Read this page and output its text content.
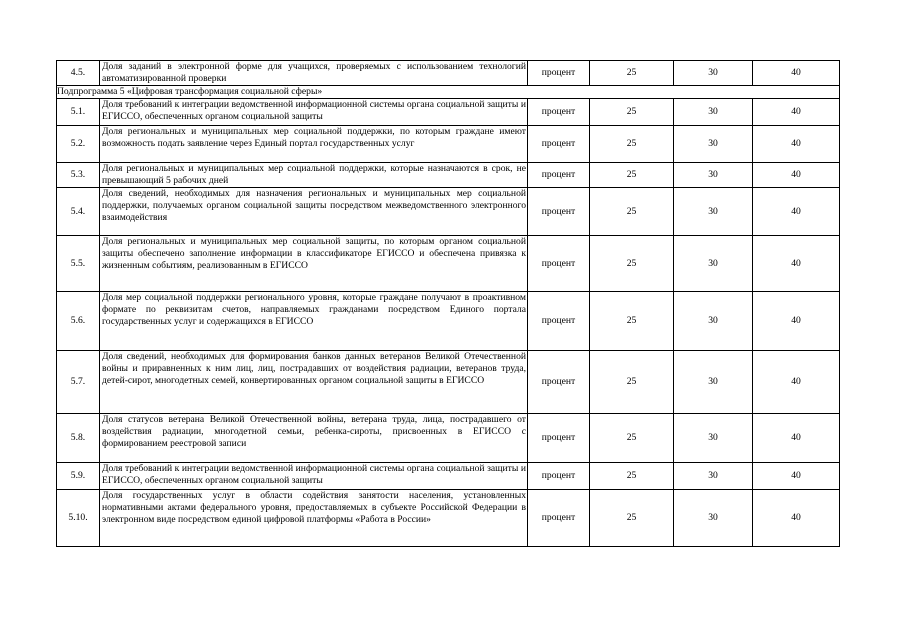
4.5.	Доля заданий в электронной форме для учащихся, проверяемых с использованием технологий автоматизированной проверки	процент	25	30	40
Подпрограмма 5 «Цифровая трансформация социальной сферы»					
5.1.	Доля требований к интеграции ведомственной информационной системы органа социальной защиты и ЕГИССО, обеспеченных органом социальной защиты	процент	25	30	40
5.2.	Доля региональных и муниципальных мер социальной поддержки, по которым граждане имеют возможность подать заявление через Единый портал государственных услуг	процент	25	30	40
5.3.	Доля региональных и муниципальных мер социальной поддержки, которые назначаются в срок, не превышающий 5 рабочих дней	процент	25	30	40
5.4.	Доля сведений, необходимых для назначения региональных и муниципальных мер социальной поддержки, получаемых органом социальной защиты посредством межведомственного электронного взаимодействия	процент	25	30	40
5.5.	Доля региональных и муниципальных мер социальной защиты, по которым органом социальной защиты обеспечено заполнение информации в классификаторе ЕГИССО и обеспечена привязка к жизненным событиям, реализованным в ЕГИССО	процент	25	30	40
5.6.	Доля мер социальной поддержки регионального уровня, которые граждане получают в проактивном формате по реквизитам счетов, направляемых гражданами посредством Единого портала государственных услуг и содержащихся в ЕГИССО	процент	25	30	40
5.7.	Доля сведений, необходимых для формирования банков данных ветеранов Великой Отечественной войны и приравненных к ним лиц, лиц, пострадавших от воздействия радиации, ветеранов труда, детей-сирот, многодетных семей, конвертированных органом социальной защиты в ЕГИССО	процент	25	30	40
5.8.	Доля статусов ветерана Великой Отечественной войны, ветерана труда, лица, пострадавшего от воздействия радиации, многодетной семьи, ребенка-сироты, присвоенных в ЕГИССО с формированием реестровой записи	процент	25	30	40
5.9.	Доля требований к интеграции ведомственной информационной системы органа социальной защиты и ЕГИССО, обеспеченных органом социальной защиты	процент	25	30	40
5.10.	Доля государственных услуг в области содействия занятости населения, установленных нормативными актами федерального уровня, предоставляемых в субъекте Российской Федерации в электронном виде посредством единой цифровой платформы «Работа в России»	процент	25	30	40
